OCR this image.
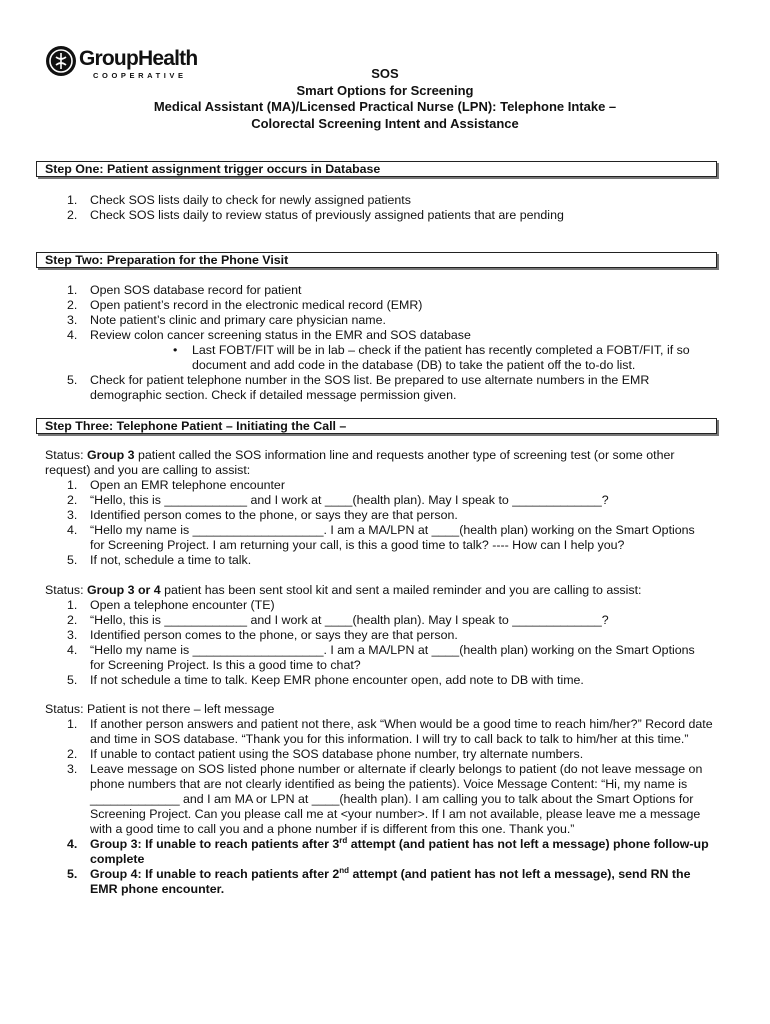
GroupHealth
COOPERATIVE	SOS
Smart Options for Screening
Medical Assistant (MA)/Licensed Practical Nurse (LPN): Telephone Intake –
Colorectal Screening Intent and Assistance
Step One: Patient assignment trigger occurs in Database
1. Check SOS lists daily to check for newly assigned patients
2. Check SOS lists daily to review status of previously assigned patients that are pending
Step Two: Preparation for the Phone Visit
1. Open SOS database record for patient
2. Open patient’s record in the electronic medical record (EMR)
3. Note patient’s clinic and primary care physician name.
4. Review colon cancer screening status in the EMR and SOS database
• Last FOBT/FIT will be in lab – check if the patient has recently completed a FOBT/FIT, if so
document and add code in the database (DB) to take the patient off the to-do list.
5. Check for patient telephone number in the SOS list. Be prepared to use alternate numbers in the EMR
demographic section. Check if detailed message permission given.
Step Three: Telephone Patient – Initiating the Call –
Status: Group 3 patient called the SOS information line and requests another type of screening test (or some other
request) and you are calling to assist:
1. Open an EMR telephone encounter
2. “Hello, this is ____________ and I work at ____(health plan). May I speak to _____________?
3. Identified person comes to the phone, or says they are that person.
4. “Hello my name is ___________________. I am a MA/LPN at ____(health plan) working on the Smart Options
for Screening Project. I am returning your call, is this a good time to talk? ---- How can I help you?
5. If not, schedule a time to talk.
Status: Group 3 or 4 patient has been sent stool kit and sent a mailed reminder and you are calling to assist:
1. Open a telephone encounter (TE)
2. “Hello, this is ____________ and I work at ____(health plan). May I speak to _____________?
3. Identified person comes to the phone, or says they are that person.
4. “Hello my name is ___________________. I am a MA/LPN at ____(health plan) working on the Smart Options
for Screening Project. Is this a good time to chat?
5. If not schedule a time to talk. Keep EMR phone encounter open, add note to DB with time.
Status: Patient is not there – left message
1. If another person answers and patient not there, ask “When would be a good time to reach him/her?” Record date
and time in SOS database. “Thank you for this information. I will try to call back to talk to him/her at this time.”
2. If unable to contact patient using the SOS database phone number, try alternate numbers.
3. Leave message on SOS listed phone number or alternate if clearly belongs to patient (do not leave message on
phone numbers that are not clearly identified as being the patients). Voice Message Content: “Hi, my name is
_____________ and I am MA or LPN at ____(health plan). I am calling you to talk about the Smart Options for
Screening Project. Can you please call me at <your number>. If I am not available, please leave me a message
with a good time to call you and a phone number if is different from this one. Thank you.”
4. Group 3: If unable to reach patients after 3rd attempt (and patient has not left a message) phone follow-up
complete
5. Group 4: If unable to reach patients after 2nd attempt (and patient has not left a message), send RN the
EMR phone encounter.
